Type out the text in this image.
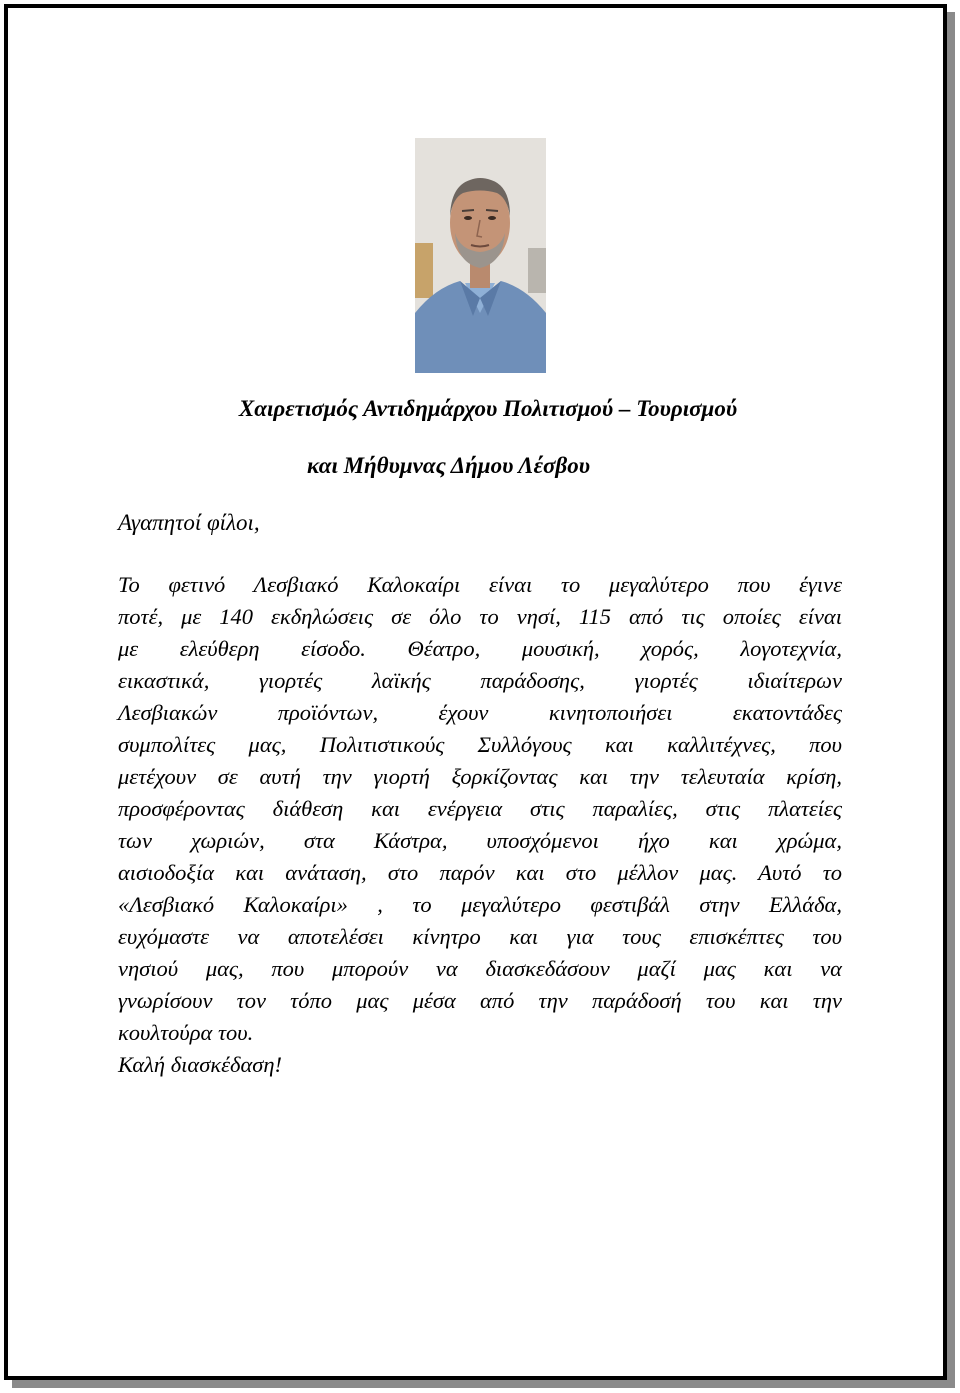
Χαιρετισμός Αντιδημάρχου Πολιτισμού – Τουρισμού
και Μήθυμνας Δήμου Λέσβου
Αγαπητοί φίλοι,
Το φετινό Λεσβιακό Καλοκαίρι είναι το μεγαλύτερο που έγινε
ποτέ, με 140 εκδηλώσεις σε όλο το νησί, 115 από τις οποίες είναι
με ελεύθερη είσοδο. Θέατρο, μουσική, χορός, λογοτεχνία,
εικαστικά, γιορτές λαϊκής παράδοσης, γιορτές ιδιαίτερων
Λεσβιακών προϊόντων, έχουν κινητοποιήσει εκατοντάδες
συμπολίτες μας, Πολιτιστικούς Συλλόγους και καλλιτέχνες, που
μετέχουν σε αυτή την γιορτή ξορκίζοντας και την τελευταία κρίση,
προσφέροντας διάθεση και ενέργεια στις παραλίες, στις πλατείες
των χωριών, στα Κάστρα, υποσχόμενοι ήχο και χρώμα,
αισιοδοξία και ανάταση, στο παρόν και στο μέλλον μας. Αυτό το
«Λεσβιακό Καλοκαίρι» , το μεγαλύτερο φεστιβάλ στην Ελλάδα,
ευχόμαστε να αποτελέσει κίνητρο και για τους επισκέπτες του
νησιού μας, που μπορούν να διασκεδάσουν μαζί μας και να
γνωρίσουν τον τόπο μας μέσα από την παράδοσή του και την
κουλτούρα του.
Καλή διασκέδαση!
